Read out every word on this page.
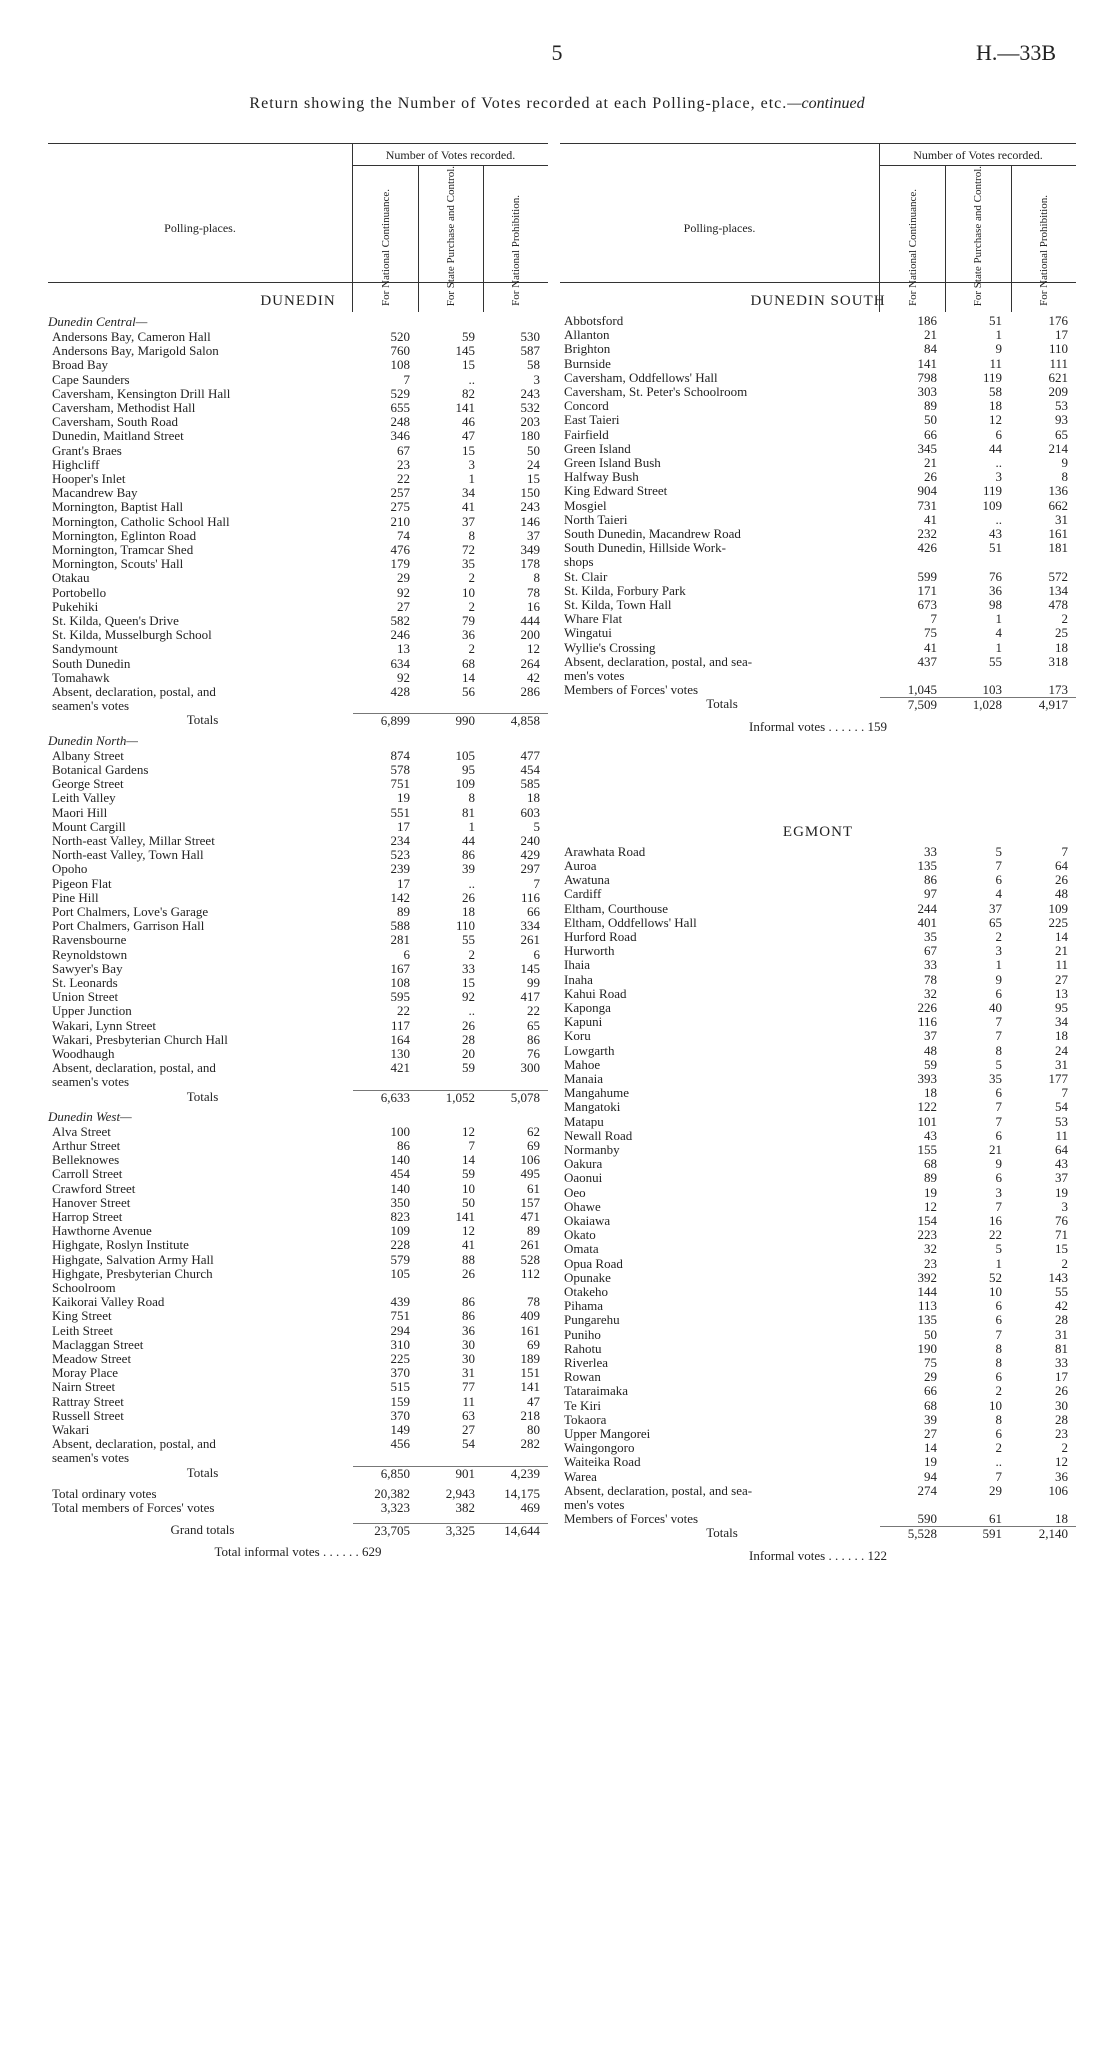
5	H.—33B
Return showing the Number of Votes recorded at each Polling-place, etc.—continued
Polling-places.
Number of Votes recorded.
For National Continuance.	For State Purchase and Control.	For National Prohibition.
DUNEDIN
Dunedin Central—
Andersons Bay, Cameron Hall	520	59	530
Andersons Bay, Marigold Salon	760	145	587
Broad Bay	108	15	58
Cape Saunders	7	..	3
Caversham, Kensington Drill Hall	529	82	243
Caversham, Methodist Hall	655	141	532
Caversham, South Road	248	46	203
Dunedin, Maitland Street	346	47	180
Grant's Braes	67	15	50
Highcliff	23	3	24
Hooper's Inlet	22	1	15
Macandrew Bay	257	34	150
Mornington, Baptist Hall	275	41	243
Mornington, Catholic School Hall	210	37	146
Mornington, Eglinton Road	74	8	37
Mornington, Tramcar Shed	476	72	349
Mornington, Scouts' Hall	179	35	178
Otakau	29	2	8
Portobello	92	10	78
Pukehiki	27	2	16
St. Kilda, Queen's Drive	582	79	444
St. Kilda, Musselburgh School	246	36	200
Sandymount	13	2	12
South Dunedin	634	68	264
Tomahawk	92	14	42
Absent, declaration, postal, and
seamen's votes
428	56	286
Totals	6,899	990	4,858
Dunedin North—
Albany Street	874	105	477
Botanical Gardens	578	95	454
George Street	751	109	585
Leith Valley	19	8	18
Maori Hill	551	81	603
Mount Cargill	17	1	5
North-east Valley, Millar Street	234	44	240
North-east Valley, Town Hall	523	86	429
Opoho	239	39	297
Pigeon Flat	17	..	7
Pine Hill	142	26	116
Port Chalmers, Love's Garage	89	18	66
Port Chalmers, Garrison Hall	588	110	334
Ravensbourne	281	55	261
Reynoldstown	6	2	6
Sawyer's Bay	167	33	145
St. Leonards	108	15	99
Union Street	595	92	417
Upper Junction	22	..	22
Wakari, Lynn Street	117	26	65
Wakari, Presbyterian Church Hall	164	28	86
Woodhaugh	130	20	76
Absent, declaration, postal, and
seamen's votes
421	59	300
Totals	6,633	1,052	5,078
Dunedin West—
Alva Street	100	12	62
Arthur Street	86	7	69
Belleknowes	140	14	106
Carroll Street	454	59	495
Crawford Street	140	10	61
Hanover Street	350	50	157
Harrop Street	823	141	471
Hawthorne Avenue	109	12	89
Highgate, Roslyn Institute	228	41	261
Highgate, Salvation Army Hall	579	88	528
Highgate, Presbyterian Church
Schoolroom
105	26	112
Kaikorai Valley Road	439	86	78
King Street	751	86	409
Leith Street	294	36	161
Maclaggan Street	310	30	69
Meadow Street	225	30	189
Moray Place	370	31	151
Nairn Street	515	77	141
Rattray Street	159	11	47
Russell Street	370	63	218
Wakari	149	27	80
Absent, declaration, postal, and
seamen's votes
456	54	282
Totals	6,850	901	4,239
Total ordinary votes	20,382	2,943	14,175
Total members of Forces' votes	3,323	382	469
Grand totals	23,705	3,325	14,644
Total informal votes . . . . . . 629
Polling-places.
Number of Votes recorded.
For National Continuance.	For State Purchase and Control.	For National Prohibition.
DUNEDIN SOUTH
Abbotsford	186	51	176
Allanton	21	1	17
Brighton	84	9	110
Burnside	141	11	111
Caversham, Oddfellows' Hall	798	119	621
Caversham, St. Peter's Schoolroom	303	58	209
Concord	89	18	53
East Taieri	50	12	93
Fairfield	66	6	65
Green Island	345	44	214
Green Island Bush	21	..	9
Halfway Bush	26	3	8
King Edward Street	904	119	136
Mosgiel	731	109	662
North Taieri	41	..	31
South Dunedin, Macandrew Road	232	43	161
South Dunedin, Hillside Work-
shops
426	51	181
St. Clair	599	76	572
St. Kilda, Forbury Park	171	36	134
St. Kilda, Town Hall	673	98	478
Whare Flat	7	1	2
Wingatui	75	4	25
Wyllie's Crossing	41	1	18
Absent, declaration, postal, and sea-
men's votes
437	55	318
Members of Forces' votes	1,045	103	173
Totals	7,509	1,028	4,917
Informal votes . . . . . . 159
EGMONT
Arawhata Road	33	5	7
Auroa	135	7	64
Awatuna	86	6	26
Cardiff	97	4	48
Eltham, Courthouse	244	37	109
Eltham, Oddfellows' Hall	401	65	225
Hurford Road	35	2	14
Hurworth	67	3	21
Ihaia	33	1	11
Inaha	78	9	27
Kahui Road	32	6	13
Kaponga	226	40	95
Kapuni	116	7	34
Koru	37	7	18
Lowgarth	48	8	24
Mahoe	59	5	31
Manaia	393	35	177
Mangahume	18	6	7
Mangatoki	122	7	54
Matapu	101	7	53
Newall Road	43	6	11
Normanby	155	21	64
Oakura	68	9	43
Oaonui	89	6	37
Oeo	19	3	19
Ohawe	12	7	3
Okaiawa	154	16	76
Okato	223	22	71
Omata	32	5	15
Opua Road	23	1	2
Opunake	392	52	143
Otakeho	144	10	55
Pihama	113	6	42
Pungarehu	135	6	28
Puniho	50	7	31
Rahotu	190	8	81
Riverlea	75	8	33
Rowan	29	6	17
Tataraimaka	66	2	26
Te Kiri	68	10	30
Tokaora	39	8	28
Upper Mangorei	27	6	23
Waingongoro	14	2	2
Waiteika Road	19	..	12
Warea	94	7	36
Absent, declaration, postal, and sea-
men's votes
274	29	106
Members of Forces' votes	590	61	18
Totals	5,528	591	2,140
Informal votes . . . . . . 122
